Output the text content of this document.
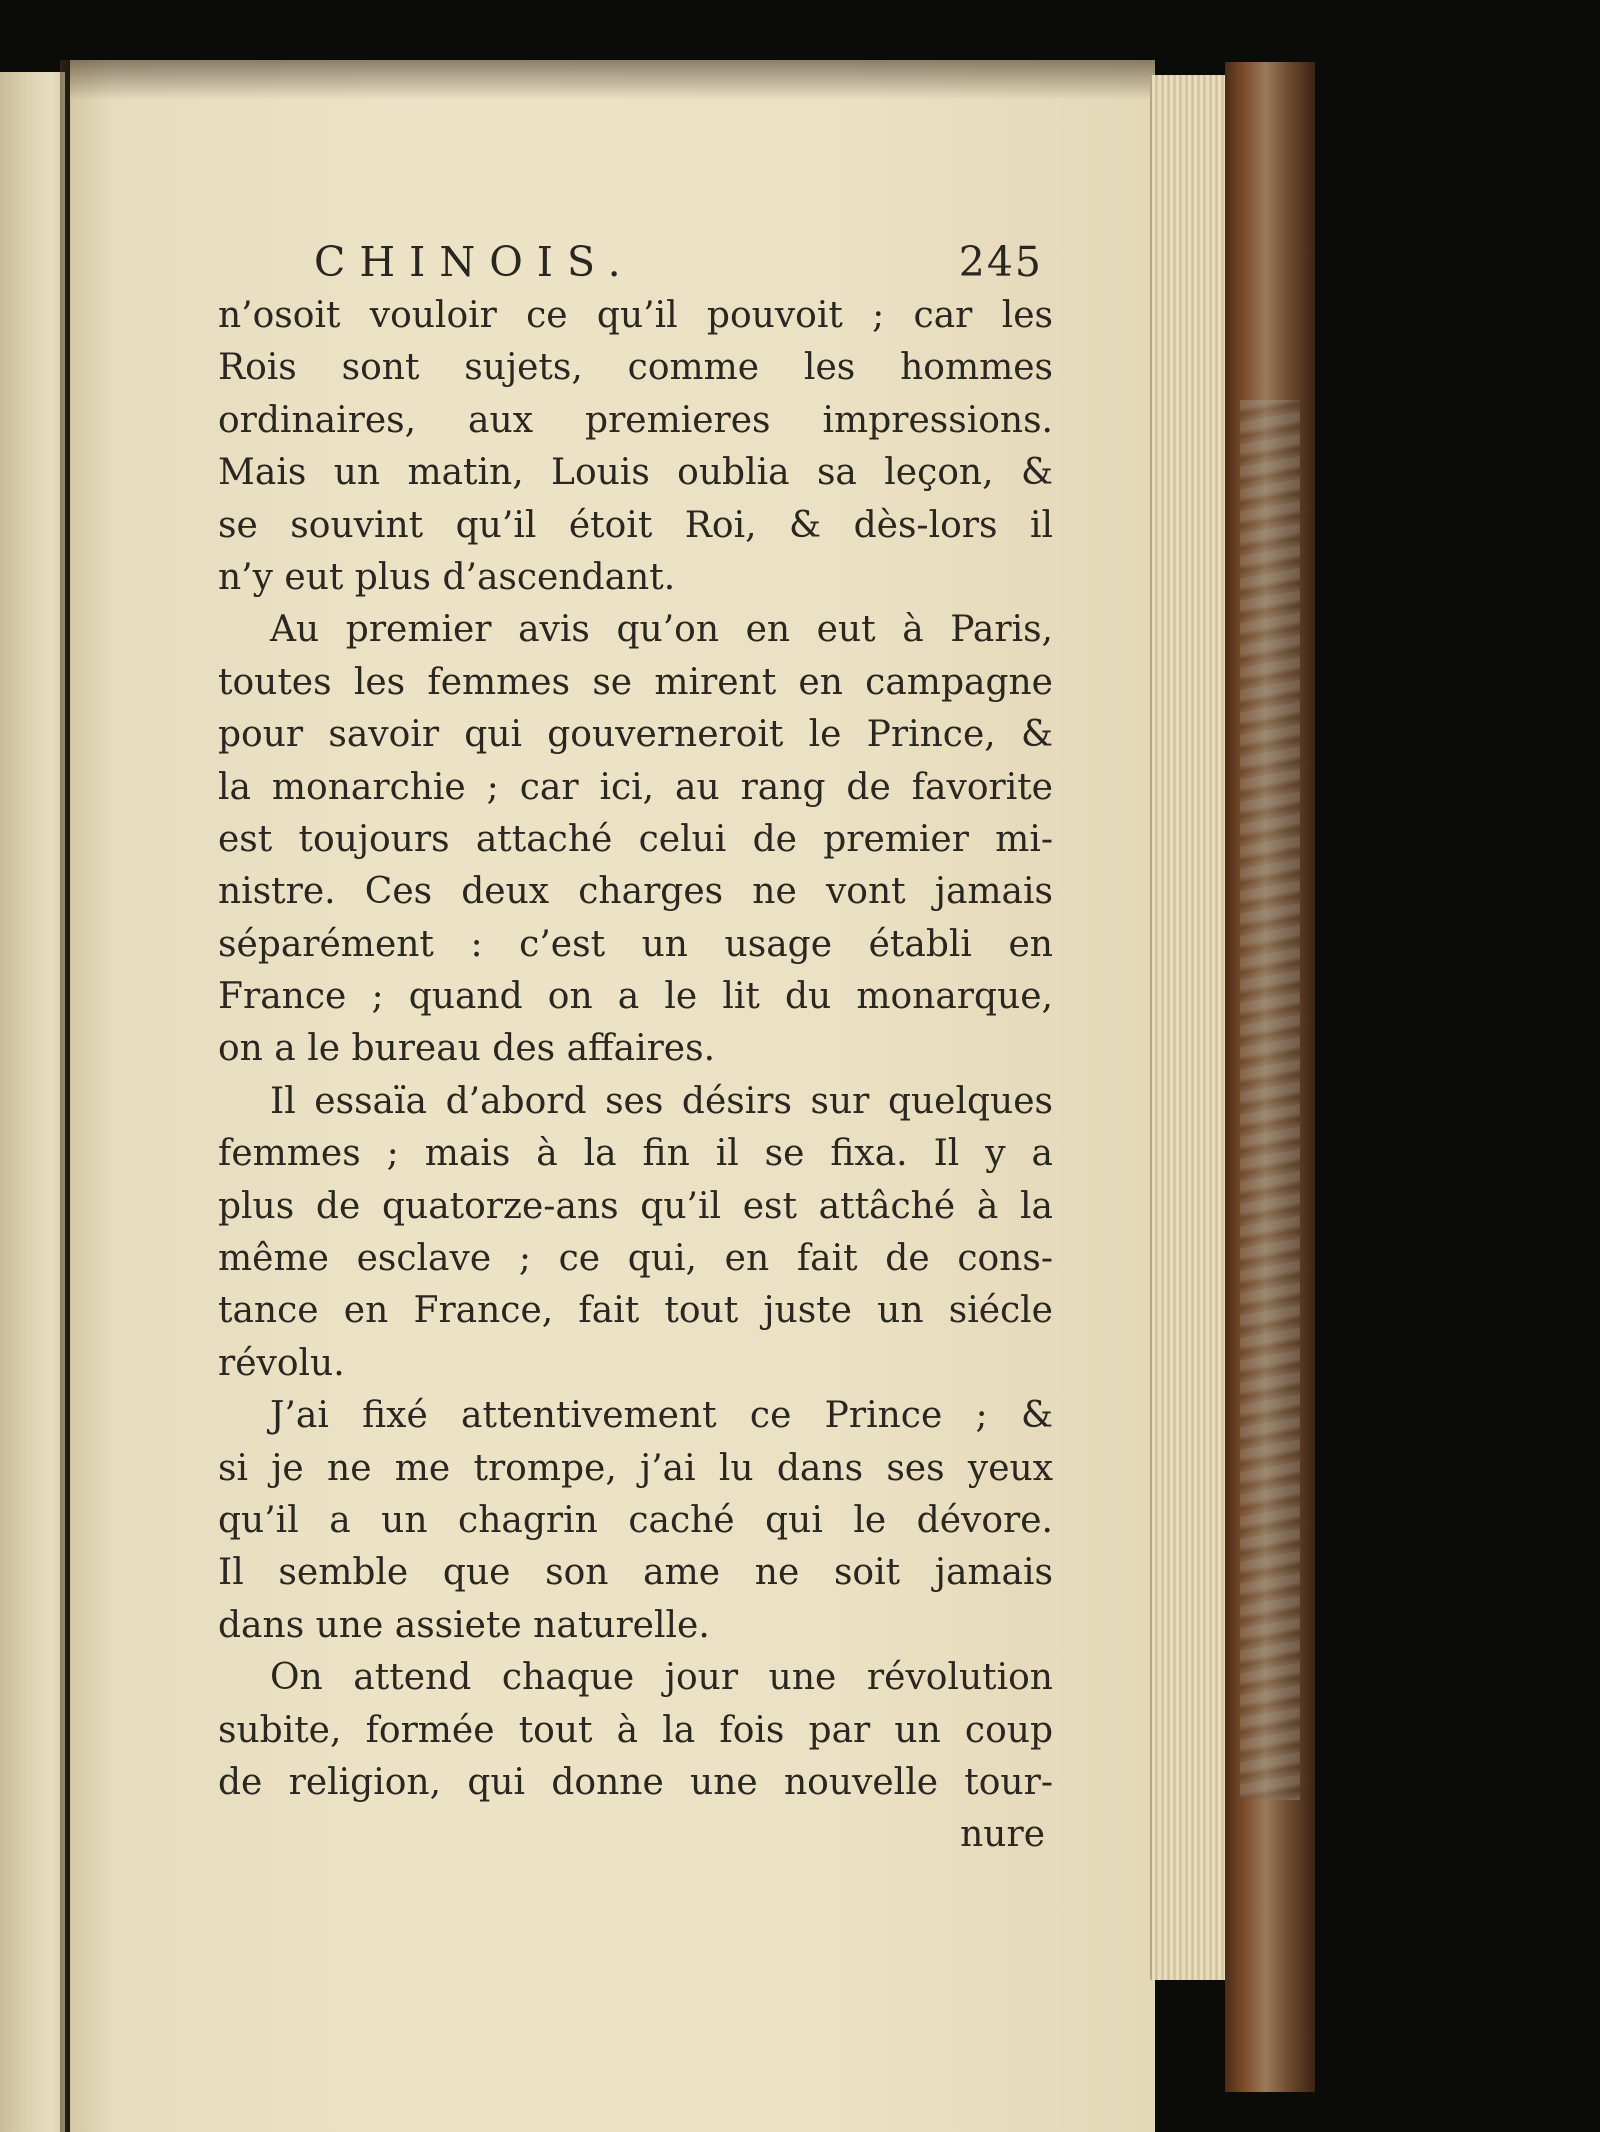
CHINOIS.	245
n’osoit vouloir ce qu’il pouvoit ; car les
Rois sont sujets, comme les hommes
ordinaires, aux premieres impressions.
Mais un matin, Louis oublia sa leçon, &
se souvint qu’il étoit Roi, & dès-lors il
n’y eut plus d’ascendant.
Au premier avis qu’on en eut à Paris,
toutes les femmes se mirent en campagne
pour savoir qui gouverneroit le Prince, &
la monarchie ; car ici, au rang de favorite
est toujours attaché celui de premier mi-
nistre. Ces deux charges ne vont jamais
séparément : c’est un usage établi en
France ; quand on a le lit du monarque,
on a le bureau des affaires.
Il essaïa d’abord ses désirs sur quelques
femmes ; mais à la fin il se fixa. Il y a
plus de quatorze-ans qu’il est attâché à la
même esclave ; ce qui, en fait de cons-
tance en France, fait tout juste un siécle
révolu.
J’ai fixé attentivement ce Prince ; &
si je ne me trompe, j’ai lu dans ses yeux
qu’il a un chagrin caché qui le dévore.
Il semble que son ame ne soit jamais
dans une assiete naturelle.
On attend chaque jour une révolution
subite, formée tout à la fois par un coup
de religion, qui donne une nouvelle tour-
nure
